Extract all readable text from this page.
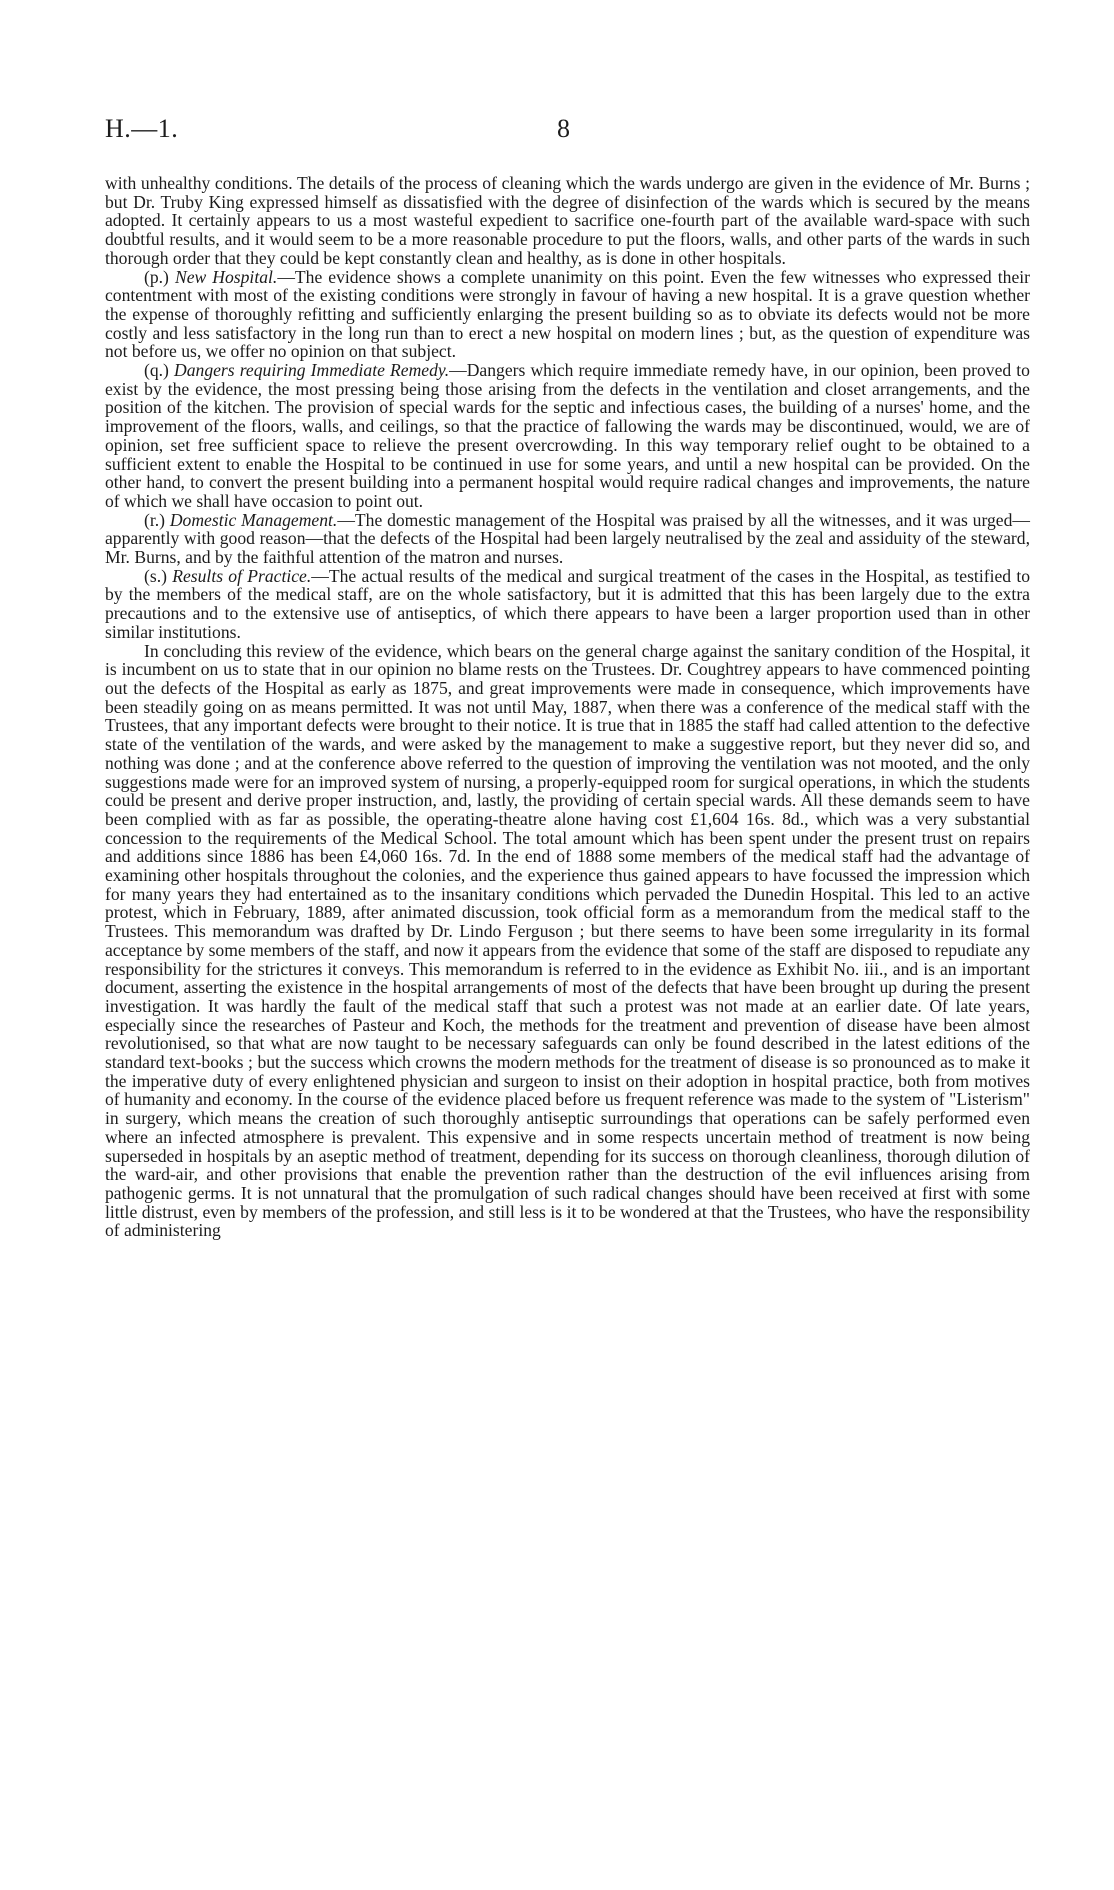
H.—1.	8

with unhealthy conditions. The details of the process of cleaning which the wards undergo are given in the evidence of Mr. Burns ; but Dr. Truby King expressed himself as dissatisfied with the degree of disinfection of the wards which is secured by the means adopted. It certainly appears to us a most wasteful expedient to sacrifice one-fourth part of the available ward-space with such doubtful results, and it would seem to be a more reasonable procedure to put the floors, walls, and other parts of the wards in such thorough order that they could be kept constantly clean and healthy, as is done in other hospitals.

(p.) New Hospital.—The evidence shows a complete unanimity on this point. Even the few witnesses who expressed their contentment with most of the existing conditions were strongly in favour of having a new hospital. It is a grave question whether the expense of thoroughly refitting and sufficiently enlarging the present building so as to obviate its defects would not be more costly and less satisfactory in the long run than to erect a new hospital on modern lines ; but, as the question of expenditure was not before us, we offer no opinion on that subject.

(q.) Dangers requiring Immediate Remedy.—Dangers which require immediate remedy have, in our opinion, been proved to exist by the evidence, the most pressing being those arising from the defects in the ventilation and closet arrangements, and the position of the kitchen. The provision of special wards for the septic and infectious cases, the building of a nurses' home, and the improvement of the floors, walls, and ceilings, so that the practice of fallowing the wards may be discontinued, would, we are of opinion, set free sufficient space to relieve the present overcrowding. In this way temporary relief ought to be obtained to a sufficient extent to enable the Hospital to be continued in use for some years, and until a new hospital can be provided. On the other hand, to convert the present building into a permanent hospital would require radical changes and improvements, the nature of which we shall have occasion to point out.

(r.) Domestic Management.—The domestic management of the Hospital was praised by all the witnesses, and it was urged—apparently with good reason—that the defects of the Hospital had been largely neutralised by the zeal and assiduity of the steward, Mr. Burns, and by the faithful attention of the matron and nurses.

(s.) Results of Practice.—The actual results of the medical and surgical treatment of the cases in the Hospital, as testified to by the members of the medical staff, are on the whole satisfactory, but it is admitted that this has been largely due to the extra precautions and to the extensive use of antiseptics, of which there appears to have been a larger proportion used than in other similar institutions.

In concluding this review of the evidence, which bears on the general charge against the sanitary condition of the Hospital, it is incumbent on us to state that in our opinion no blame rests on the Trustees. Dr. Coughtrey appears to have commenced pointing out the defects of the Hospital as early as 1875, and great improvements were made in consequence, which improvements have been steadily going on as means permitted. It was not until May, 1887, when there was a conference of the medical staff with the Trustees, that any important defects were brought to their notice. It is true that in 1885 the staff had called attention to the defective state of the ventilation of the wards, and were asked by the management to make a suggestive report, but they never did so, and nothing was done ; and at the conference above referred to the question of improving the ventilation was not mooted, and the only suggestions made were for an improved system of nursing, a properly-equipped room for surgical operations, in which the students could be present and derive proper instruction, and, lastly, the providing of certain special wards. All these demands seem to have been complied with as far as possible, the operating-theatre alone having cost £1,604 16s. 8d., which was a very substantial concession to the requirements of the Medical School. The total amount which has been spent under the present trust on repairs and additions since 1886 has been £4,060 16s. 7d. In the end of 1888 some members of the medical staff had the advantage of examining other hospitals throughout the colonies, and the experience thus gained appears to have focussed the impression which for many years they had entertained as to the insanitary conditions which pervaded the Dunedin Hospital. This led to an active protest, which in February, 1889, after animated discussion, took official form as a memorandum from the medical staff to the Trustees. This memorandum was drafted by Dr. Lindo Ferguson ; but there seems to have been some irregularity in its formal acceptance by some members of the staff, and now it appears from the evidence that some of the staff are disposed to repudiate any responsibility for the strictures it conveys. This memorandum is referred to in the evidence as Exhibit No. iii., and is an important document, asserting the existence in the hospital arrangements of most of the defects that have been brought up during the present investigation. It was hardly the fault of the medical staff that such a protest was not made at an earlier date. Of late years, especially since the researches of Pasteur and Koch, the methods for the treatment and prevention of disease have been almost revolutionised, so that what are now taught to be necessary safeguards can only be found described in the latest editions of the standard text-books ; but the success which crowns the modern methods for the treatment of disease is so pronounced as to make it the imperative duty of every enlightened physician and surgeon to insist on their adoption in hospital practice, both from motives of humanity and economy. In the course of the evidence placed before us frequent reference was made to the system of "Listerism" in surgery, which means the creation of such thoroughly antiseptic surroundings that operations can be safely performed even where an infected atmosphere is prevalent. This expensive and in some respects uncertain method of treatment is now being superseded in hospitals by an aseptic method of treatment, depending for its success on thorough cleanliness, thorough dilution of the ward-air, and other provisions that enable the prevention rather than the destruction of the evil influences arising from pathogenic germs. It is not unnatural that the promulgation of such radical changes should have been received at first with some little distrust, even by members of the profession, and still less is it to be wondered at that the Trustees, who have the responsibility of administering
